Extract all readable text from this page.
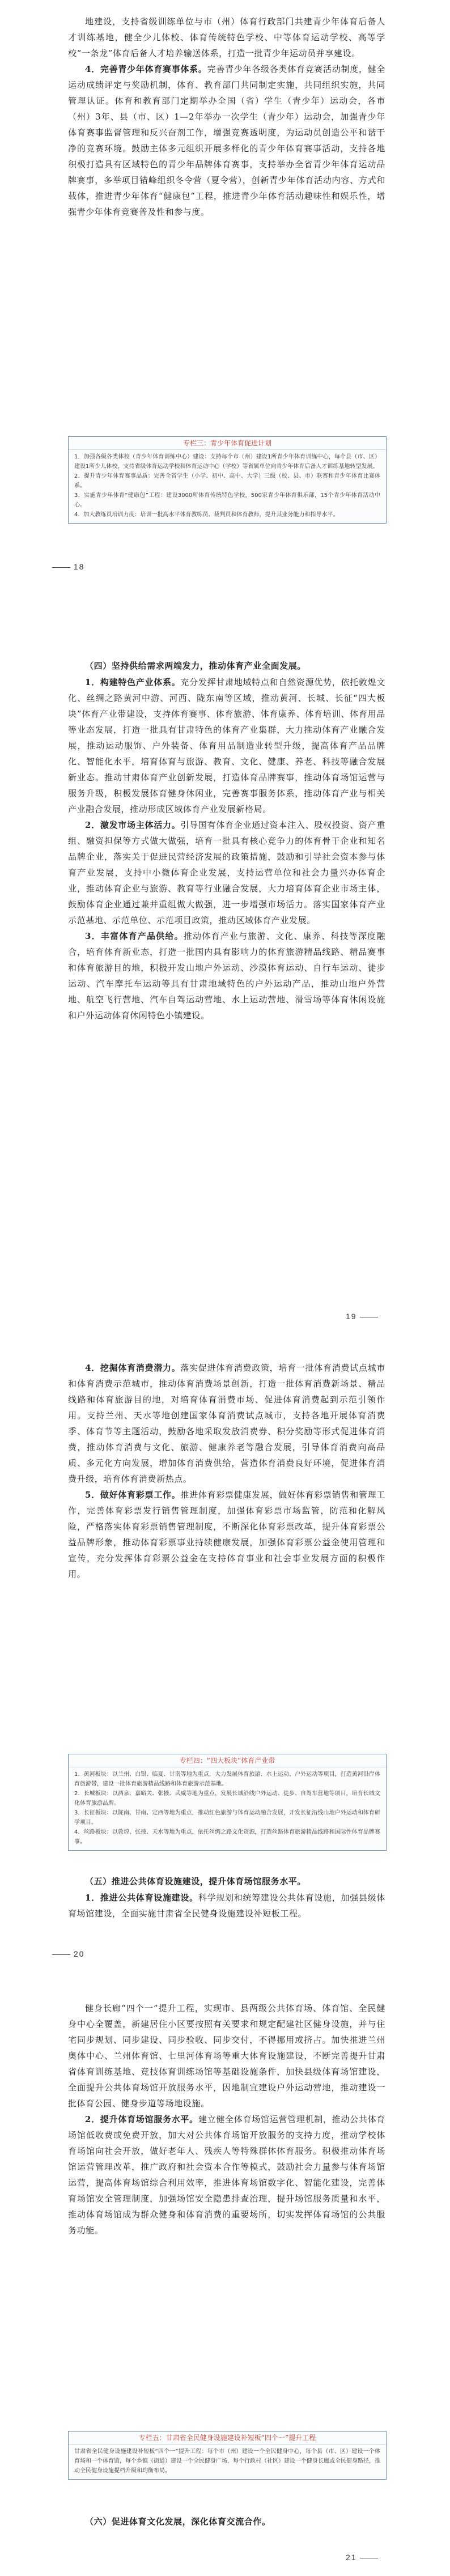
地建设，支持省级训练单位与市（州）体育行政部门共建青少年体育后备人才训练基地，健全少儿体校、体育传统特色学校、中等体育运动学校、高等学校“一条龙”体育后备人才培养输送体系，打造一批青少年运动员并享建设。

4．完善青少年体育赛事体系。完善青少年各级各类体育竞赛活动制度，健全运动成绩评定与奖励机制，体育、教育部门共同制定实施，共同组织实施，共同管理认证。体育和教育部门定期举办全国（省）学生（青少年）运动会，各市（州）3年、县（市、区）1—2年举办一次学生（青少年）运动会，加强青少年体育赛事监督管理和反兴奋剂工作，增强竞赛透明度，为运动员创造公平和谐干净的竞赛环境。鼓励主体多元组织开展多样化的青少年体育赛事活动，支持各地积极打造具有区域特色的青少年品牌体育赛事，支持举办全省青少年体育运动品牌赛事，多举项目错峰组织冬令营（夏令营），创新青少年体育活动内容、方式和载体，推进青少年体育“健康包”工程，推进青少年体育活动趣味性和娱乐性，增强青少年体育竞赛普及性和参与度。

专栏三：青少年体育促进计划
1．加强各级各类体校（青少年体育训练中心）建设：支持每个市（州）建设1所青少年体育训练中心，每个县（市、区）建设1所少儿体校，支持省级体育运动学校和体育运动中心（学校）等省属单位向青少年体育后备人才训练基地转型发展。
2．提升青少年体育赛事品质：完善全省学生（小学、初中、高中、大学）三级（校、县、市）联赛和青少年体育比赛体系。
3．实施青少年体育“健康包”工程：建设3000所体育传统特色学校，500家青少年体育俱乐部，15个青少年体育活动中心。
4．加大教练员培训力度：培训一批高水平体育教练员、裁判员和体育教师，提升其业务能力和指导水平。
18

（四）坚持供给需求两端发力，推动体育产业全面发展。

1．构建特色产业体系。充分发挥甘肃地域特点和自然资源优势，依托敦煌文化、丝绸之路黄河中游、河西、陇东南等区域，推动黄河、长城、长征“四大板块”体育产业带建设，支持体育赛事、体育旅游、体育康养、体育培训、体育用品等业态发展，打造一批具有甘肃特色的体育产业集群，大力推动体育产业融合发展，推动运动服饰、户外装备、体育用品制造业转型升级，提高体育产品品牌化、智能化水平，培育体育与旅游、教育、文化、健康、养老、科技等融合发展新业态。推动甘肃体育产业创新发展，打造体育品牌赛事，推动体育场馆运营与服务升级，积极发展体育健身休闲业，完善赛事服务体系，推动体育产业与相关产业融合发展，推动形成区域体育产业发展新格局。

2．激发市场主体活力。引导国有体育企业通过资本注入、股权投资、资产重组、融资担保等方式做大做强，培育一批具有核心竞争力的体育骨干企业和知名品牌企业，落实关于促进民营经济发展的政策措施，鼓励和引导社会资本参与体育产业发展，支持中小微体育企业发展，支持运营单位和社会力量兴办体育企业，推动体育企业与旅游、教育等行业融合发展，大力培育体育企业市场主体，鼓励体育企业通过兼并重组做大做强，进一步增强市场活力。落实国家体育产业示范基地、示范单位、示范项目政策，推动区域体育产业发展。

3．丰富体育产品供给。推动体育产业与旅游、文化、康养、科技等深度融合，培育体育新业态，打造一批国内具有影响力的体育旅游精品线路、精品赛事和体育旅游目的地，积极开发山地户外运动、沙漠体育运动、自行车运动、徒步运动、汽车摩托车运动等具有甘肃地域特色的户外运动产品，推动山地户外营地、航空飞行营地、汽车自驾运动营地、水上运动营地、滑雪场等体育休闲设施和户外运动体育休闲特色小镇建设。

19

4．挖掘体育消费潜力。落实促进体育消费政策，培育一批体育消费试点城市和体育消费示范城市，推动体育消费场景创新，打造一批体育消费新场景、精品线路和体育旅游目的地，对培育体育消费市场、促进体育消费起到示范引领作用。支持兰州、天水等地创建国家体育消费试点城市，支持各地开展体育消费季、体育节等主题活动，鼓励各地采取发放消费券、积分奖励等形式促进体育消费，推动体育消费与文化、旅游、健康养老等融合发展，引导体育消费向高品质、多元化方向发展，增加体育消费供给，营造体育消费良好环境，促进体育消费升级，培育体育消费新热点。

5．做好体育彩票工作。推进体育彩票健康发展，做好体育彩票销售和管理工作，完善体育彩票发行销售管理制度，加强体育彩票市场监管，防范和化解风险，严格落实体育彩票销售管理制度，不断深化体育彩票改革，提升体育彩票公益品牌形象，推动体育彩票事业持续健康发展，加强体育彩票公益金使用管理和宣传，充分发挥体育彩票公益金在支持体育事业和社会事业发展方面的积极作用。

专栏四：“四大板块”体育产业带
1．黄河板块：以兰州、白银、临夏、甘南等地为重点，大力发展体育旅游、水上运动、户外运动等项目，打造黄河沿岸体育旅游带，建设一批体育旅游精品线路和体育旅游示范基地。
2．长城板块：以酒泉、嘉峪关、张掖、武威等地为重点，发展长城沿线户外运动、徒步、自驾车营地等项目，培育长城文化体育旅游品牌。
3．长征板块：以陇南、甘南、定西等地为重点，推动红色旅游与体育运动融合发展，开发长征沿线山地户外运动和体育研学项目。
4．丝路板块：以敦煌、张掖、天水等地为重点，依托丝绸之路文化资源，打造丝路体育旅游精品线路和国际性体育品牌赛事。

（五）推进公共体育设施建设，提升体育场馆服务水平。

1．推进公共体育设施建设。科学规划和统筹建设公共体育设施，加强县级体育场馆建设，全面实施甘肃省全民健身设施建设补短板工程。

20

健身长廊“四个一”提升工程，实现市、县两级公共体育场、体育馆、全民健身中心全覆盖，新建居住小区要按照有关要求和规定配建社区健身设施，并与住宅同步规划、同步建设、同步验收、同步交付，不得挪用或挤占。加快推进兰州奥体中心、兰州体育馆、七里河体育场等重大体育设施建设，不断完善提升甘肃省体育训练基地、竞技体育训练场馆等基础设施条件，加快县级体育场馆建设，全面提升公共体育场馆开放服务水平，因地制宜建设户外运动营地，推动建设一批体育公园、健身步道等场地设施。

2．提升体育场馆服务水平。建立健全体育场馆运营管理机制，推动公共体育场馆低收费或免费开放，加大对公共体育场馆开放服务的支持力度，推动学校体育场馆向社会开放，做好老年人、残疾人等特殊群体体育服务。积极推动体育场馆运营管理改革，推广政府和社会资本合作等模式，鼓励社会力量参与体育场馆运营，提高体育场馆综合利用效率，推进体育场馆数字化、智能化建设，完善体育场馆安全管理制度，加强场馆安全隐患排查治理，提升场馆服务质量和水平，推动体育场馆成为群众健身和体育消费的重要场所，切实发挥体育场馆的公共服务功能。

专栏五：甘肃省全民健身设施建设补短板“四个一”提升工程
甘肃省全民健身设施建设补短板“四个一”提升工程：每个市（州）建设一个全民健身中心，每个县（市、区）建设一个体育场和一个体育馆，每个乡镇（街道）建设一个全民健身广场，每个行政村（社区）建设一个健身长廊或全民健身路径，推动全民健身设施提档升级和均衡布局。

（六）促进体育文化发展，深化体育交流合作。

21
